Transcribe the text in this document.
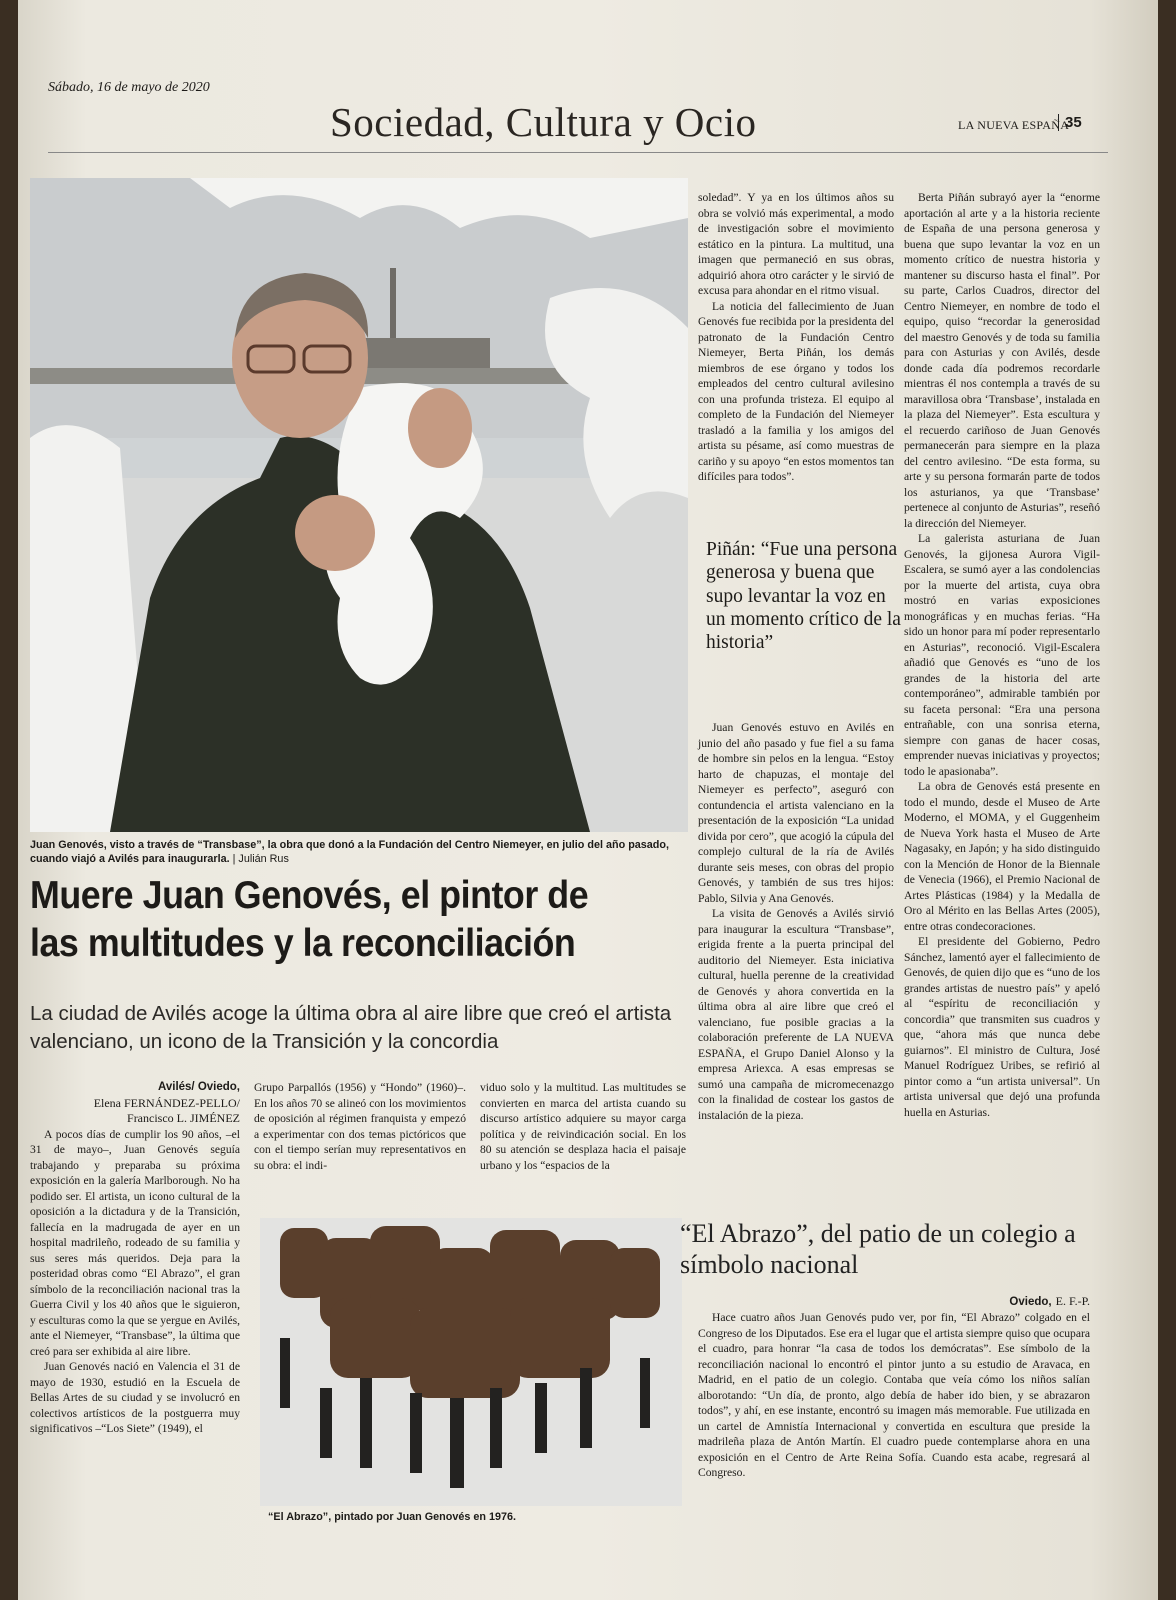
Sábado, 16 de mayo de 2020
Sociedad, Cultura y Ocio	LA NUEVA ESPAÑA
35
Juan Genovés, visto a través de “Transbase”, la obra que donó a la Fundación del Centro Niemeyer, en julio del año pasado, cuando viajó a Avilés para inaugurarla. | Julián Rus
Muere Juan Genovés, el pintor de las multitudes y la reconciliación
La ciudad de Avilés acoge la última obra al aire libre que creó el artista valenciano, un icono de la Transición y la concordia
Avilés/ Oviedo,
Elena FERNÁNDEZ-PELLO/
Francisco L. JIMÉNEZ

A pocos días de cumplir los 90 años, –el 31 de mayo–, Juan Genovés seguía trabajando y preparaba su próxima exposición en la galería Marlborough. No ha podido ser. El artista, un icono cultural de la oposición a la dictadura y de la Transición, fallecía en la madrugada de ayer en un hospital madrileño, rodeado de su familia y sus seres más queridos. Deja para la posteridad obras como “El Abrazo”, el gran símbolo de la reconciliación nacional tras la Guerra Civil y los 40 años que le siguieron, y esculturas como la que se yergue en Avilés, ante el Niemeyer, “Transbase”, la última que creó para ser exhibida al aire libre.

Juan Genovés nació en Valencia el 31 de mayo de 1930, estudió en la Escuela de Bellas Artes de su ciudad y se involucró en colectivos artísticos de la postguerra muy significativos –“Los Siete” (1949), el

Grupo Parpallós (1956) y “Hondo” (1960)–. En los años 70 se alineó con los movimientos de oposición al régimen franquista y empezó a experimentar con dos temas pictóricos que con el tiempo serían muy representativos en su obra: el indi-

viduo solo y la multitud. Las multitudes se convierten en marca del artista cuando su discurso artístico adquiere su mayor carga política y de reivindicación social. En los 80 su atención se desplaza hacia el paisaje urbano y los “espacios de la

soledad”. Y ya en los últimos años su obra se volvió más experimental, a modo de investigación sobre el movimiento estático en la pintura. La multitud, una imagen que permaneció en sus obras, adquirió ahora otro carácter y le sirvió de excusa para ahondar en el ritmo visual.

La noticia del fallecimiento de Juan Genovés fue recibida por la presidenta del patronato de la Fundación Centro Niemeyer, Berta Piñán, los demás miembros de ese órgano y todos los empleados del centro cultural avilesino con una profunda tristeza. El equipo al completo de la Fundación del Niemeyer trasladó a la familia y los amigos del artista su pésame, así como muestras de cariño y su apoyo “en estos momentos tan difíciles para todos”.

Piñán: “Fue una persona generosa y buena que supo levantar la voz en un momento crítico de la historia”

Juan Genovés estuvo en Avilés en junio del año pasado y fue fiel a su fama de hombre sin pelos en la lengua. “Estoy harto de chapuzas, el montaje del Niemeyer es perfecto”, aseguró con contundencia el artista valenciano en la presentación de la exposición “La unidad divida por cero”, que acogió la cúpula del complejo cultural de la ría de Avilés durante seis meses, con obras del propio Genovés, y también de sus tres hijos: Pablo, Silvia y Ana Genovés.

La visita de Genovés a Avilés sirvió para inaugurar la escultura “Transbase”, erigida frente a la puerta principal del auditorio del Niemeyer. Esta iniciativa cultural, huella perenne de la creatividad de Genovés y ahora convertida en la última obra al aire libre que creó el valenciano, fue posible gracias a la colaboración preferente de LA NUEVA ESPAÑA, el Grupo Daniel Alonso y la empresa Ariexca. A esas empresas se sumó una campaña de micromecenazgo con la finalidad de costear los gastos de instalación de la pieza.

Berta Piñán subrayó ayer la “enorme aportación al arte y a la historia reciente de España de una persona generosa y buena que supo levantar la voz en un momento crítico de nuestra historia y mantener su discurso hasta el final”. Por su parte, Carlos Cuadros, director del Centro Niemeyer, en nombre de todo el equipo, quiso “recordar la generosidad del maestro Genovés y de toda su familia para con Asturias y con Avilés, desde donde cada día podremos recordarle mientras él nos contempla a través de su maravillosa obra ‘Transbase’, instalada en la plaza del Niemeyer”. Esta escultura y el recuerdo cariñoso de Juan Genovés permanecerán para siempre en la plaza del centro avilesino. “De esta forma, su arte y su persona formarán parte de todos los asturianos, ya que ‘Transbase’ pertenece al conjunto de Asturias”, reseñó la dirección del Niemeyer.

La galerista asturiana de Juan Genovés, la gijonesa Aurora Vigil-Escalera, se sumó ayer a las condolencias por la muerte del artista, cuya obra mostró en varias exposiciones monográficas y en muchas ferias. “Ha sido un honor para mí poder representarlo en Asturias”, reconoció. Vigil-Escalera añadió que Genovés es “uno de los grandes de la historia del arte contemporáneo”, admirable también por su faceta personal: “Era una persona entrañable, con una sonrisa eterna, siempre con ganas de hacer cosas, emprender nuevas iniciativas y proyectos; todo le apasionaba”.

La obra de Genovés está presente en todo el mundo, desde el Museo de Arte Moderno, el MOMA, y el Guggenheim de Nueva York hasta el Museo de Arte Nagasaky, en Japón; y ha sido distinguido con la Mención de Honor de la Biennale de Venecia (1966), el Premio Nacional de Artes Plásticas (1984) y la Medalla de Oro al Mérito en las Bellas Artes (2005), entre otras condecoraciones.

El presidente del Gobierno, Pedro Sánchez, lamentó ayer el fallecimiento de Genovés, de quien dijo que es “uno de los grandes artistas de nuestro país” y apeló al “espíritu de reconciliación y concordia” que transmiten sus cuadros y que, “ahora más que nunca debe guiarnos”. El ministro de Cultura, José Manuel Rodríguez Uribes, se refirió al pintor como a “un artista universal”. Un artista universal que dejó una profunda huella en Asturias.

“El Abrazo”, pintado por Juan Genovés en 1976.
“El Abrazo”, del patio de un colegio a símbolo nacional
Oviedo, E. F.-P.

Hace cuatro años Juan Genovés pudo ver, por fin, “El Abrazo” colgado en el Congreso de los Diputados. Ese era el lugar que el artista siempre quiso que ocupara el cuadro, para honrar “la casa de todos los demócratas”. Ese símbolo de la reconciliación nacional lo encontró el pintor junto a su estudio de Aravaca, en Madrid, en el patio de un colegio. Contaba que veía cómo los niños salían alborotando: “Un día, de pronto, algo debía de haber ido bien, y se abrazaron todos”, y ahí, en ese instante, encontró su imagen más memorable. Fue utilizada en un cartel de Amnistía Internacional y convertida en escultura que preside la madrileña plaza de Antón Martín. El cuadro puede contemplarse ahora en una exposición en el Centro de Arte Reina Sofía. Cuando esta acabe, regresará al Congreso.
